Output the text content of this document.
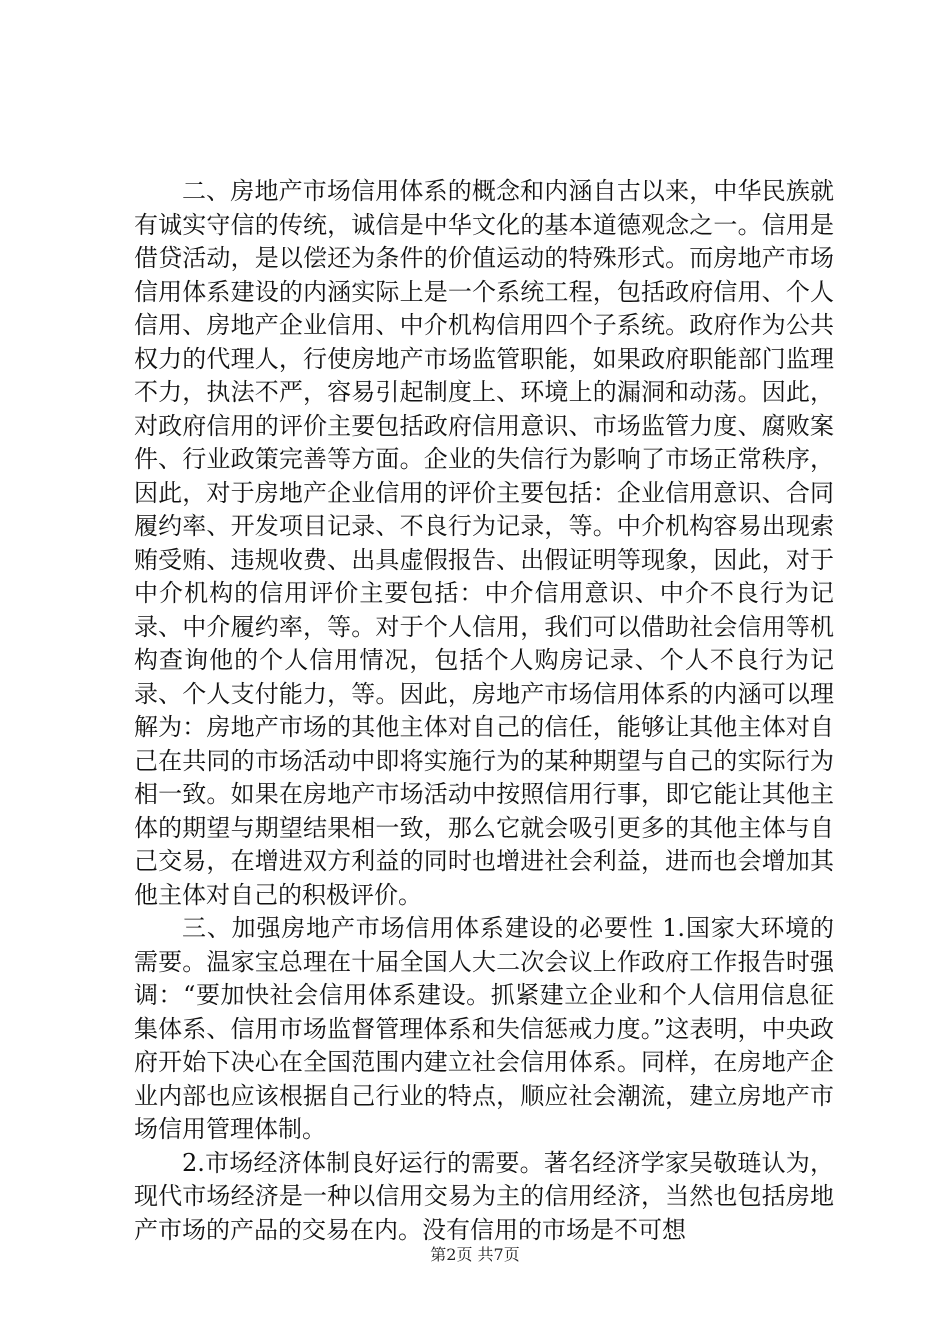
二、房地产市场信用体系的概念和内涵自古以来，中华民族就有诚实守信的传统，诚信是中华文化的基本道德观念之一。信用是借贷活动，是以偿还为条件的价值运动的特殊形式。而房地产市场信用体系建设的内涵实际上是一个系统工程，包括政府信用、个人信用、房地产企业信用、中介机构信用四个子系统。政府作为公共权力的代理人，行使房地产市场监管职能，如果政府职能部门监理不力，执法不严，容易引起制度上、环境上的漏洞和动荡。因此，对政府信用的评价主要包括政府信用意识、市场监管力度、腐败案件、行业政策完善等方面。企业的失信行为影响了市场正常秩序，因此，对于房地产企业信用的评价主要包括：企业信用意识、合同履约率、开发项目记录、不良行为记录，等。中介机构容易出现索贿受贿、违规收费、出具虚假报告、出假证明等现象，因此，对于中介机构的信用评价主要包括：中介信用意识、中介不良行为记录、中介履约率，等。对于个人信用，我们可以借助社会信用等机构查询他的个人信用情况，包括个人购房记录、个人不良行为记录、个人支付能力，等。因此，房地产市场信用体系的内涵可以理解为：房地产市场的其他主体对自己的信任，能够让其他主体对自己在共同的市场活动中即将实施行为的某种期望与自己的实际行为相一致。如果在房地产市场活动中按照信用行事，即它能让其他主体的期望与期望结果相一致，那么它就会吸引更多的其他主体与自己交易，在增进双方利益的同时也增进社会利益，进而也会增加其他主体对自己的积极评价。

三、加强房地产市场信用体系建设的必要性 1.国家大环境的需要。温家宝总理在十届全国人大二次会议上作政府工作报告时强调：“要加快社会信用体系建设。抓紧建立企业和个人信用信息征集体系、信用市场监督管理体系和失信惩戒力度。”这表明，中央政府开始下决心在全国范围内建立社会信用体系。同样，在房地产企业内部也应该根据自己行业的特点，顺应社会潮流，建立房地产市场信用管理体制。

2.市场经济体制良好运行的需要。著名经济学家吴敬琏认为，现代市场经济是一种以信用交易为主的信用经济，当然也包括房地产市场的产品的交易在内。没有信用的市场是不可想

第2页 共7页
